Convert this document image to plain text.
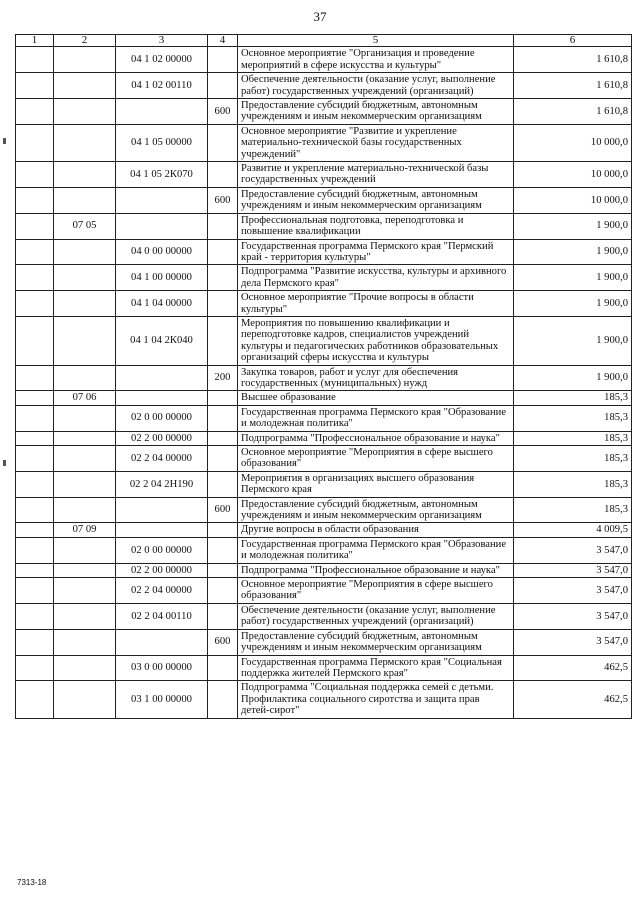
37
1	2	3	4	5	6
		04 1 02 00000		Основное мероприятие "Организация и проведение мероприятий в сфере искусства и культуры"	1 610,8
		04 1 02 00110		Обеспечение деятельности (оказание услуг, выполнение работ) государственных учреждений (организаций)	1 610,8
			600	Предоставление субсидий бюджетным, автономным учреждениям и иным некоммерческим организациям	1 610,8
		04 1 05 00000		Основное мероприятие "Развитие и укрепление материально-технической базы государственных учреждений"	10 000,0
		04 1 05 2К070		Развитие и укрепление материально-технической базы государственных учреждений	10 000,0
			600	Предоставление субсидий бюджетным, автономным учреждениям и иным некоммерческим организациям	10 000,0
	07 05			Профессиональная подготовка, переподготовка и повышение квалификации	1 900,0
		04 0 00 00000		Государственная программа Пермского края "Пермский край - территория культуры"	1 900,0
		04 1 00 00000		Подпрограмма "Развитие искусства, культуры и архивного дела Пермского края"	1 900,0
		04 1 04 00000		Основное мероприятие "Прочие вопросы в области культуры"	1 900,0
		04 1 04 2К040		Мероприятия по повышению квалификации и переподготовке кадров, специалистов учреждений культуры и педагогических работников образовательных организаций сферы искусства и культуры	1 900,0
			200	Закупка товаров, работ и услуг для обеспечения государственных (муниципальных) нужд	1 900,0
	07 06			Высшее образование	185,3
		02 0 00 00000		Государственная программа Пермского края "Образование и молодежная политика"	185,3
		02 2 00 00000		Подпрограмма "Профессиональное образование и наука"	185,3
		02 2 04 00000		Основное мероприятие "Мероприятия в сфере высшего образования"	185,3
		02 2 04 2Н190		Мероприятия в организациях высшего образования Пермского края	185,3
			600	Предоставление субсидий бюджетным, автономным учреждениям и иным некоммерческим организациям	185,3
	07 09			Другие вопросы в области образования	4 009,5
		02 0 00 00000		Государственная программа Пермского края "Образование и молодежная политика"	3 547,0
		02 2 00 00000		Подпрограмма "Профессиональное образование и наука"	3 547,0
		02 2 04 00000		Основное мероприятие "Мероприятия в сфере высшего образования"	3 547,0
		02 2 04 00110		Обеспечение деятельности (оказание услуг, выполнение работ) государственных учреждений (организаций)	3 547,0
			600	Предоставление субсидий бюджетным, автономным учреждениям и иным некоммерческим организациям	3 547,0
		03 0 00 00000		Государственная программа Пермского края "Социальная поддержка жителей Пермского края"	462,5
		03 1 00 00000		Подпрограмма "Социальная поддержка семей с детьми. Профилактика социального сиротства и защита прав детей-сирот"	462,5
7313-18
